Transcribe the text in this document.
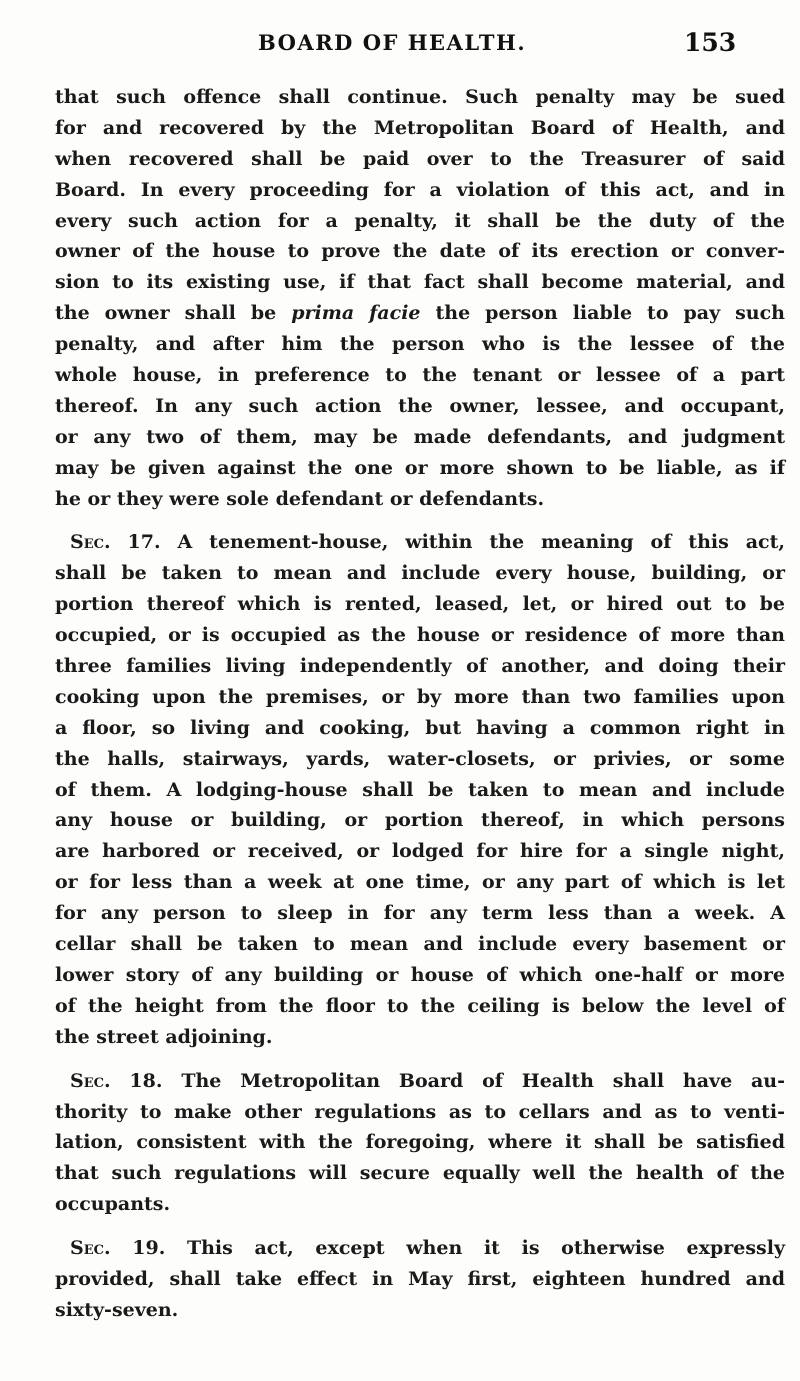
BOARD OF HEALTH.	153
that such offence shall continue. Such penalty may be sued
for and recovered by the Metropolitan Board of Health, and
when recovered shall be paid over to the Treasurer of said
Board. In every proceeding for a violation of this act, and in
every such action for a penalty, it shall be the duty of the
owner of the house to prove the date of its erection or conver-
sion to its existing use, if that fact shall become material, and
the owner shall be prima facie the person liable to pay such
penalty, and after him the person who is the lessee of the
whole house, in preference to the tenant or lessee of a part
thereof. In any such action the owner, lessee, and occupant,
or any two of them, may be made defendants, and judgment
may be given against the one or more shown to be liable, as if
he or they were sole defendant or defendants.
Sec. 17. A tenement-house, within the meaning of this act,
shall be taken to mean and include every house, building, or
portion thereof which is rented, leased, let, or hired out to be
occupied, or is occupied as the house or residence of more than
three families living independently of another, and doing their
cooking upon the premises, or by more than two families upon
a floor, so living and cooking, but having a common right in
the halls, stairways, yards, water-closets, or privies, or some
of them. A lodging-house shall be taken to mean and include
any house or building, or portion thereof, in which persons
are harbored or received, or lodged for hire for a single night,
or for less than a week at one time, or any part of which is let
for any person to sleep in for any term less than a week. A
cellar shall be taken to mean and include every basement or
lower story of any building or house of which one-half or more
of the height from the floor to the ceiling is below the level of
the street adjoining.
Sec. 18. The Metropolitan Board of Health shall have au-
thority to make other regulations as to cellars and as to venti-
lation, consistent with the foregoing, where it shall be satisfied
that such regulations will secure equally well the health of the
occupants.
Sec. 19. This act, except when it is otherwise expressly
provided, shall take effect in May first, eighteen hundred and
sixty-seven.
